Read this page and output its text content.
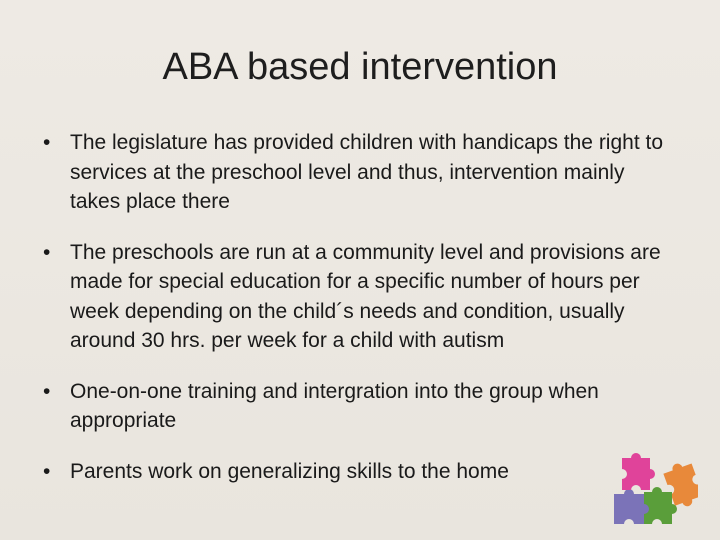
ABA based intervention
• The legislature has provided children with handicaps the right to services at the preschool level and thus, intervention mainly takes place there
• The preschools are run at a community level and provisions are made for special education for a specific number of hours per week depending on the child´s needs and condition, usually around 30 hrs. per week for a child with autism
• One-on-one training and intergration into the group when appropriate
• Parents work on generalizing skills to the home
